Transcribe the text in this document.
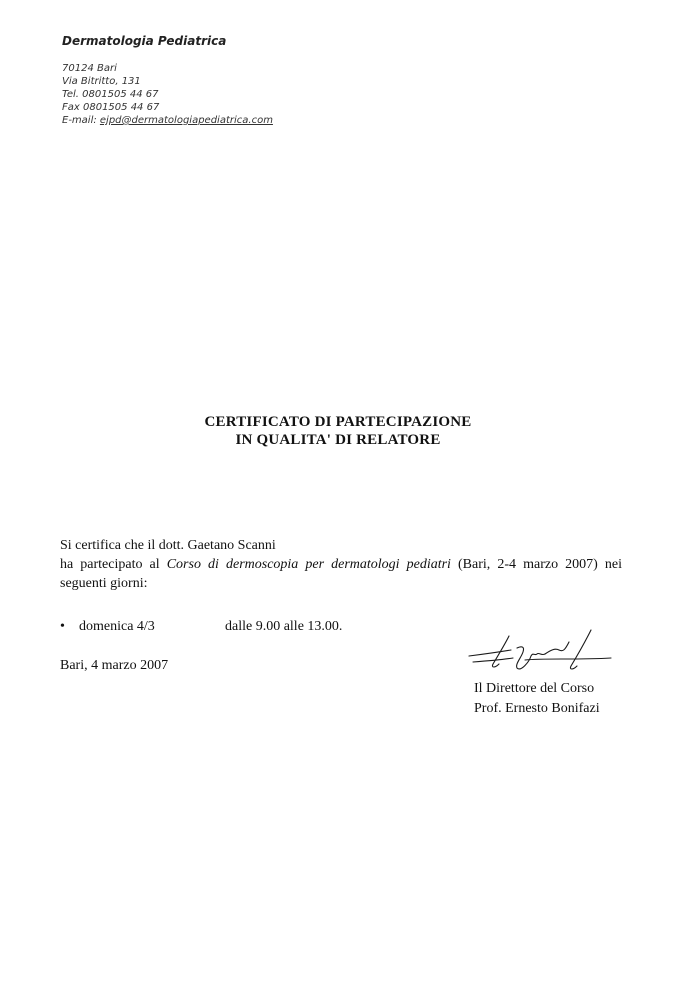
Dermatologia Pediatrica

70124 Bari

Via Bitritto, 131

Tel. 0801505 44 67

Fax 0801505 44 67

E-mail: ejpd@dermatologiapediatrica.com

CERTIFICATO DI PARTECIPAZIONE
IN QUALITA' DI RELATORE

Si certifica che il dott. Gaetano Scanni

ha partecipato al Corso di dermoscopia per dermatologi pediatri (Bari, 2-4 marzo 2007) nei seguenti giorni:

• domenica 4/3	dalle 9.00 alle 13.00.
Bari, 4 marzo 2007

Il Direttore del Corso

Prof. Ernesto Bonifazi
